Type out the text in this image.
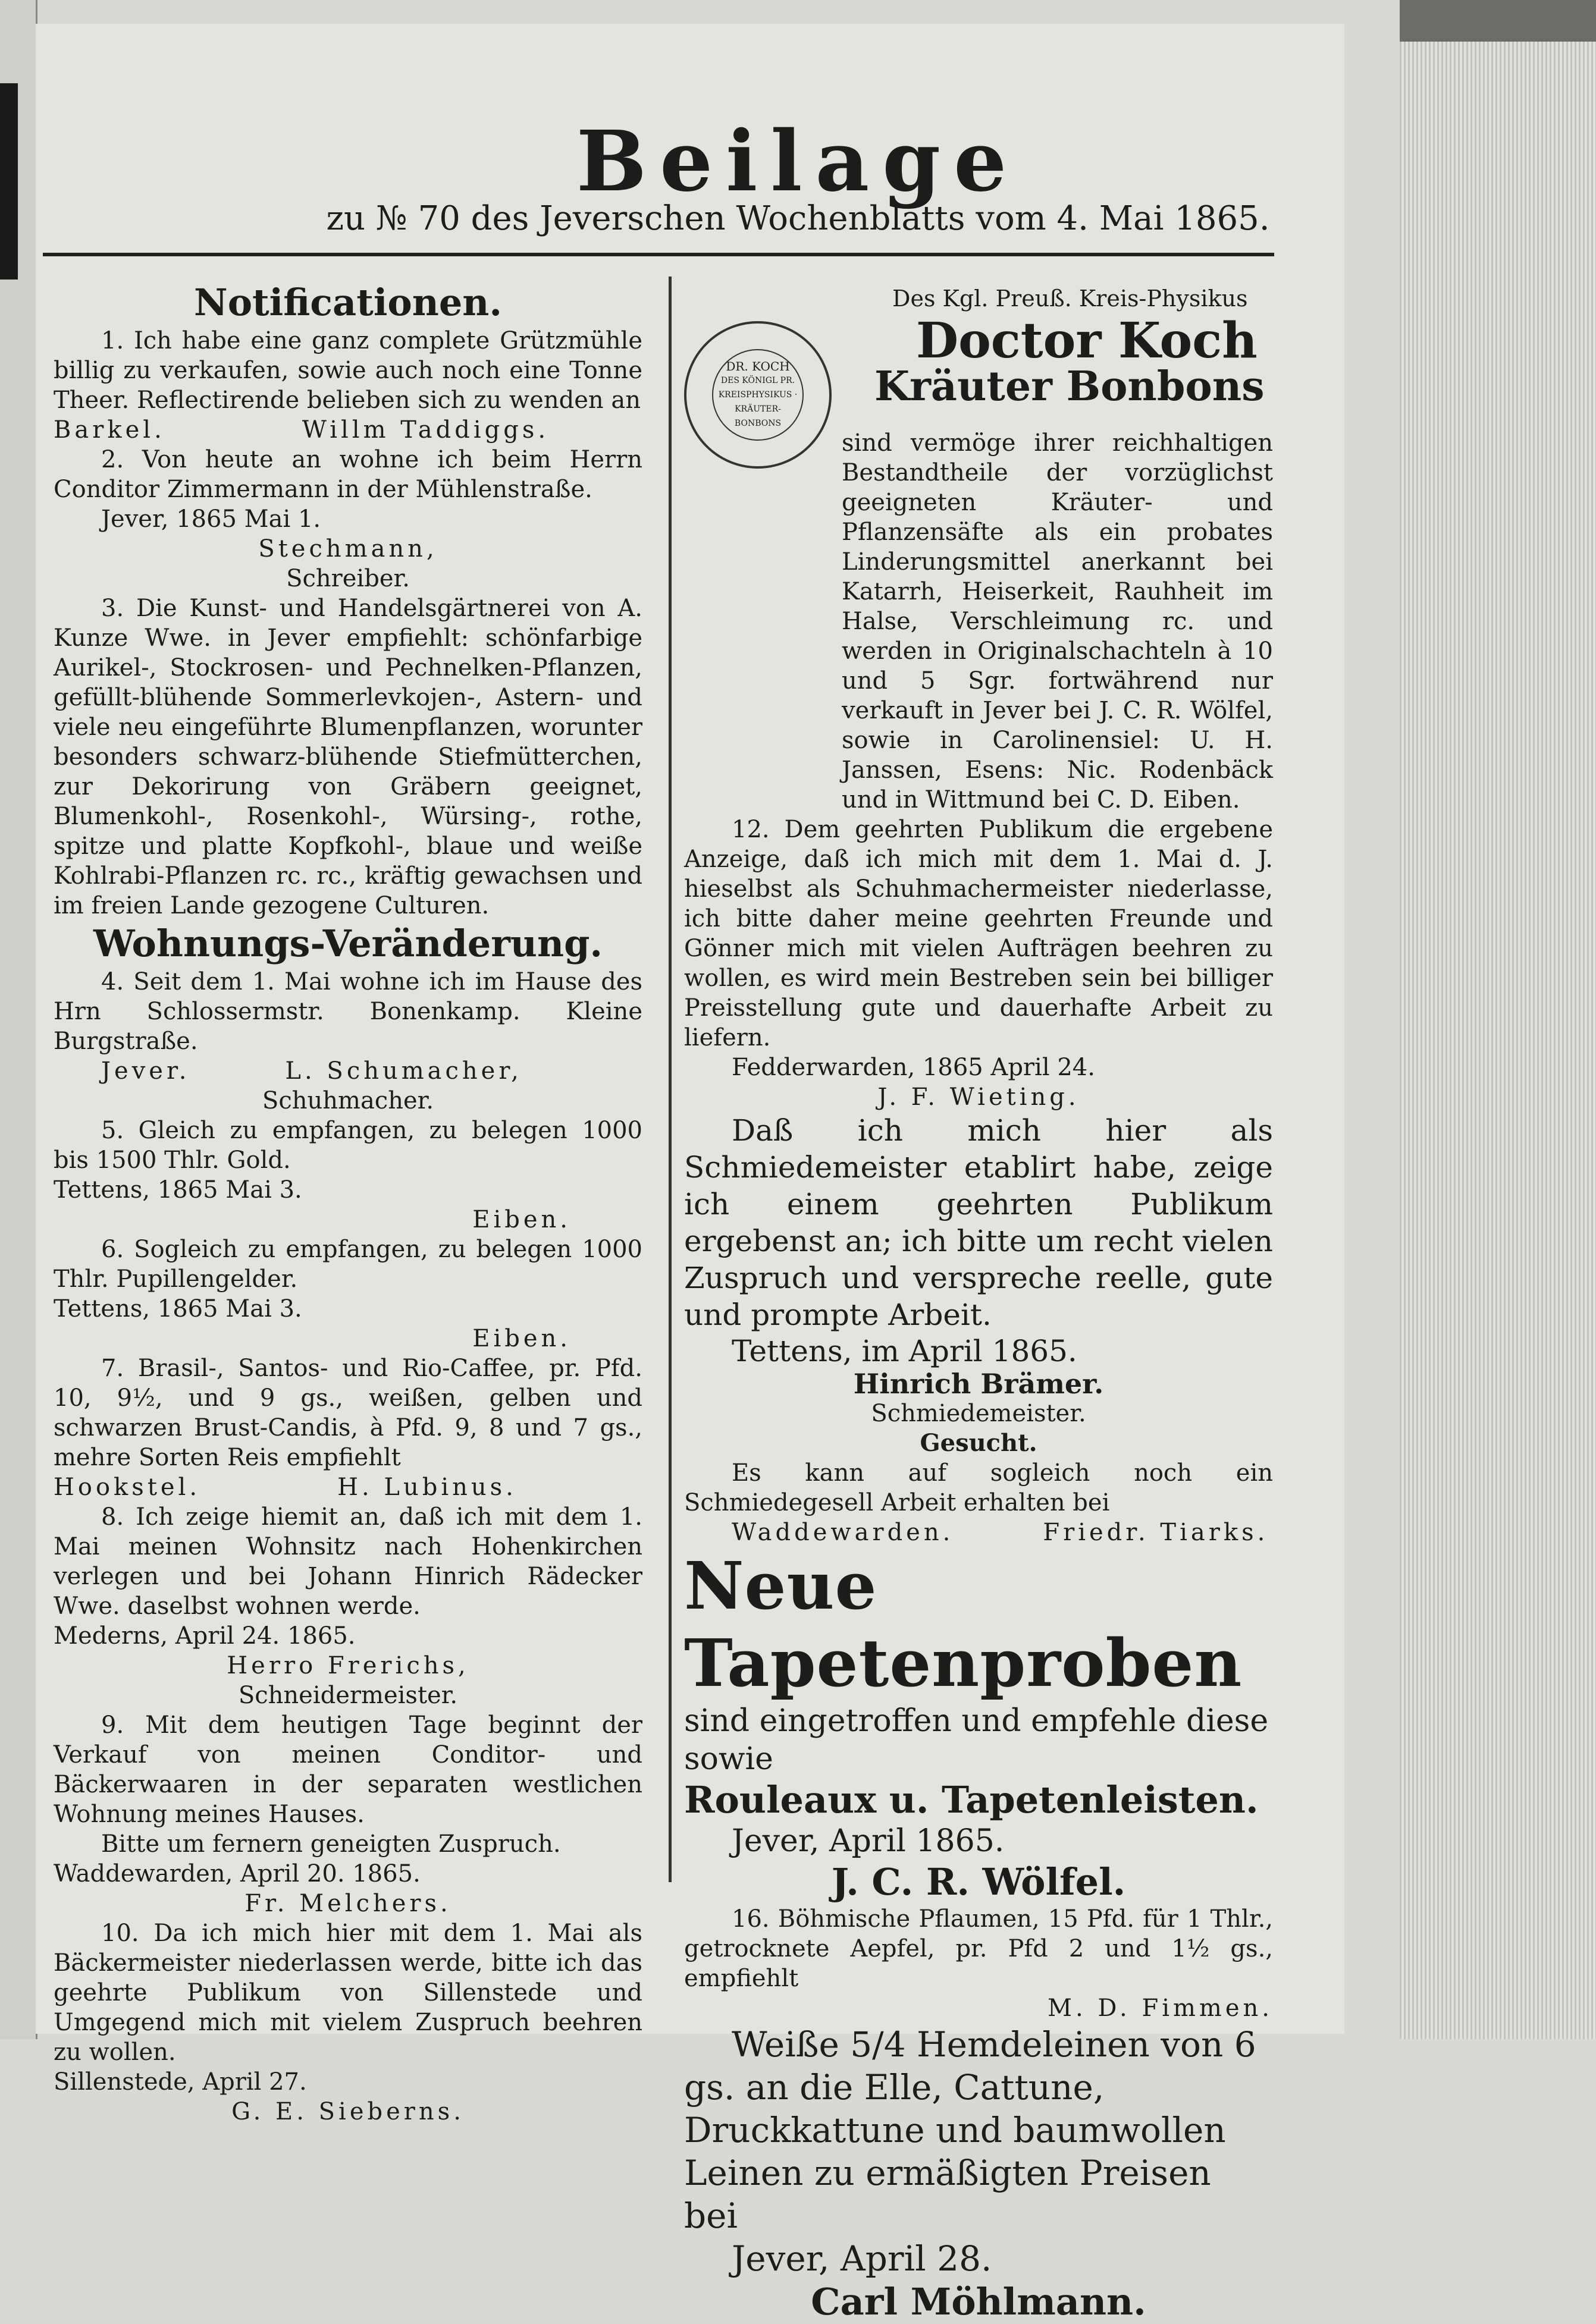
Beilage
zu № 70 des Jeverschen Wochenblatts vom 4. Mai 1865.

Notificationen.

1. Ich habe eine ganz complete Grützmühle billig zu verkaufen, sowie auch noch eine Tonne Theer. Reflectirende belieben sich zu wenden an

Barkel.	Willm Taddiggs.

2. Von heute an wohne ich beim Herrn Conditor Zimmermann in der Mühlenstraße.

Jever, 1865 Mai 1.

Stechmann,

Schreiber.

3. Die Kunst- und Handelsgärtnerei von A. Kunze Wwe. in Jever empfiehlt: schönfarbige Aurikel-, Stockrosen- und Pechnelken-Pflanzen, gefüllt-blühende Sommerlevkojen-, Astern- und viele neu eingeführte Blumenpflanzen, worunter besonders schwarz-blühende Stiefmütterchen, zur Dekorirung von Gräbern geeignet, Blumenkohl-, Rosenkohl-, Würsing-, rothe, spitze und platte Kopfkohl-, blaue und weiße Kohlrabi-Pflanzen rc. rc., kräftig gewachsen und im freien Lande gezogene Culturen.

Wohnungs-Veränderung.

4. Seit dem 1. Mai wohne ich im Hause des Hrn Schlossermstr. Bonenkamp. Kleine Burgstraße.

Jever.	L. Schumacher,

Schuhmacher.

5. Gleich zu empfangen, zu belegen 1000 bis 1500 Thlr. Gold.

Tettens, 1865 Mai 3.

Eiben.

6. Sogleich zu empfangen, zu belegen 1000 Thlr. Pupillengelder.

Tettens, 1865 Mai 3.

Eiben.

7. Brasil-, Santos- und Rio-Caffee, pr. Pfd. 10, 9½, und 9 gs., weißen, gelben und schwarzen Brust-Candis, à Pfd. 9, 8 und 7 gs., mehre Sorten Reis empfiehlt

Hookstel.	H. Lubinus.

8. Ich zeige hiemit an, daß ich mit dem 1. Mai meinen Wohnsitz nach Hohenkirchen verlegen und bei Johann Hinrich Rädecker Wwe. daselbst wohnen werde.

Mederns, April 24. 1865.

Herro Frerichs,

Schneidermeister.

9. Mit dem heutigen Tage beginnt der Verkauf von meinen Conditor- und Bäckerwaaren in der separaten westlichen Wohnung meines Hauses.

Bitte um fernern geneigten Zuspruch.

Waddewarden, April 20. 1865.

Fr. Melchers.

10. Da ich mich hier mit dem 1. Mai als Bäckermeister niederlassen werde, bitte ich das geehrte Publikum von Sillenstede und Umgegend mich mit vielem Zuspruch beehren zu wollen.

Sillenstede, April 27.

G. E. Sieberns.

DR. KOCH
DES KÖNIGL PR. KREISPHYSIKUS · KRÄUTER-BONBONS
Des Kgl. Preuß. Kreis-Physikus
Doctor Koch
Kräuter Bonbons

sind vermöge ihrer reichhaltigen Bestandtheile der vorzüglichst geeigneten Kräuter- und Pflanzensäfte als ein probates Linderungsmittel anerkannt bei Katarrh, Heiserkeit, Rauhheit im Halse, Verschleimung rc. und werden in Originalschachteln à 10 und 5 Sgr. fortwährend nur verkauft in Jever bei J. C. R. Wölfel, sowie in Carolinensiel: U. H. Janssen, Esens: Nic. Rodenbäck und in Wittmund bei C. D. Eiben.

12. Dem geehrten Publikum die ergebene Anzeige, daß ich mich mit dem 1. Mai d. J. hieselbst als Schuhmachermeister niederlasse, ich bitte daher meine geehrten Freunde und Gönner mich mit vielen Aufträgen beehren zu wollen, es wird mein Bestreben sein bei billiger Preisstellung gute und dauerhafte Arbeit zu liefern.

Fedderwarden, 1865 April 24.

J. F. Wieting.

Daß ich mich hier als Schmiedemeister etablirt habe, zeige ich einem geehrten Publikum ergebenst an; ich bitte um recht vielen Zuspruch und verspreche reelle, gute und prompte Arbeit.

Tettens, im April 1865.

Hinrich Brämer.

Schmiedemeister.

Gesucht.

Es kann auf sogleich noch ein Schmiedegesell Arbeit erhalten bei

Waddewarden.	Friedr. Tiarks.

Neue Tapetenproben

sind eingetroffen und empfehle diese sowie

Rouleaux u. Tapetenleisten.

Jever, April 1865.

J. C. R. Wölfel.

16. Böhmische Pflaumen, 15 Pfd. für 1 Thlr., getrocknete Aepfel, pr. Pfd 2 und 1½ gs., empfiehlt

M. D. Fimmen.

Weiße 5/4 Hemdeleinen von 6 gs. an die Elle, Cattune, Druckkattune und baumwollen Leinen zu ermäßigten Preisen bei

Jever, April 28.

Carl Möhlmann.
